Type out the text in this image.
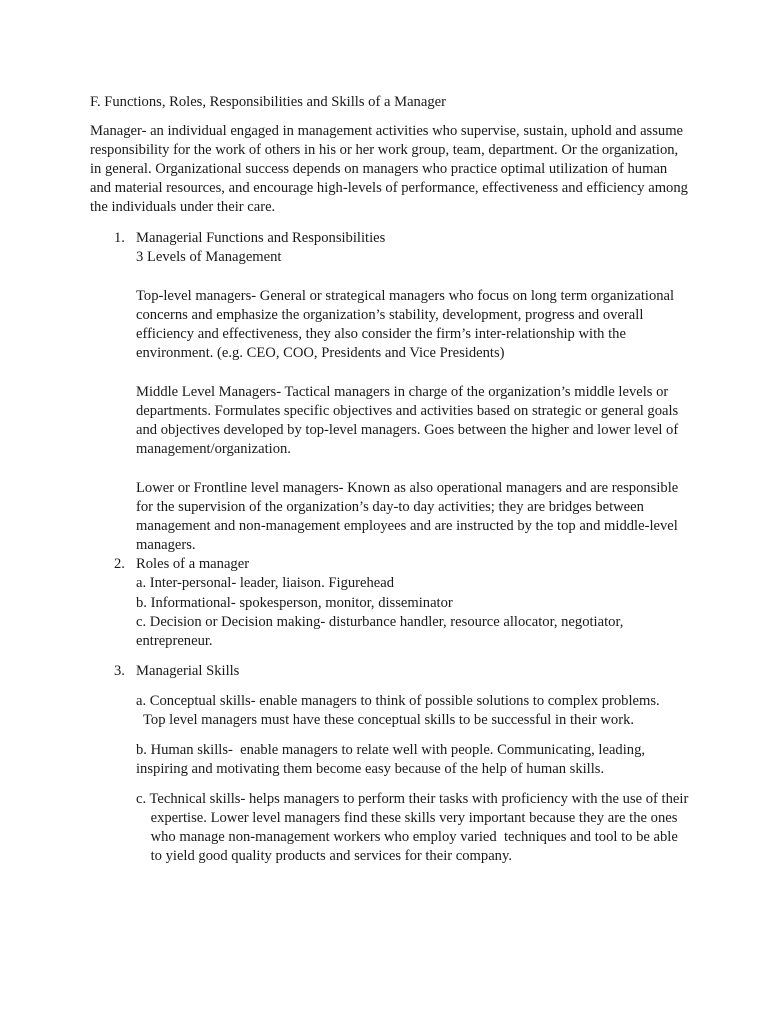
F. Functions, Roles, Responsibilities and Skills of a Manager
Manager- an individual engaged in management activities who supervise, sustain, uphold and assume
responsibility for the work of others in his or her work group, team, department. Or the organization,
in general. Organizational success depends on managers who practice optimal utilization of human
and material resources, and encourage high-levels of performance, effectiveness and efficiency among
the individuals under their care.
1. Managerial Functions and Responsibilities
3 Levels of Management
Top-level managers- General or strategical managers who focus on long term organizational
concerns and emphasize the organization’s stability, development, progress and overall
efficiency and effectiveness, they also consider the firm’s inter-relationship with the
environment. (e.g. CEO, COO, Presidents and Vice Presidents)
Middle Level Managers- Tactical managers in charge of the organization’s middle levels or
departments. Formulates specific objectives and activities based on strategic or general goals
and objectives developed by top-level managers. Goes between the higher and lower level of
management/organization.
Lower or Frontline level managers- Known as also operational managers and are responsible
for the supervision of the organization’s day-to day activities; they are bridges between
management and non-management employees and are instructed by the top and middle-level
managers.
2. Roles of a manager
a. Inter-personal- leader, liaison. Figurehead
b. Informational- spokesperson, monitor, disseminator
c. Decision or Decision making- disturbance handler, resource allocator, negotiator,
entrepreneur.
3. Managerial Skills
a. Conceptual skills- enable managers to think of possible solutions to complex problems.
Top level managers must have these conceptual skills to be successful in their work.
b. Human skills-  enable managers to relate well with people. Communicating, leading,
inspiring and motivating them become easy because of the help of human skills.
c. Technical skills- helps managers to perform their tasks with proficiency with the use of their
expertise. Lower level managers find these skills very important because they are the ones
who manage non-management workers who employ varied  techniques and tool to be able
to yield good quality products and services for their company.
